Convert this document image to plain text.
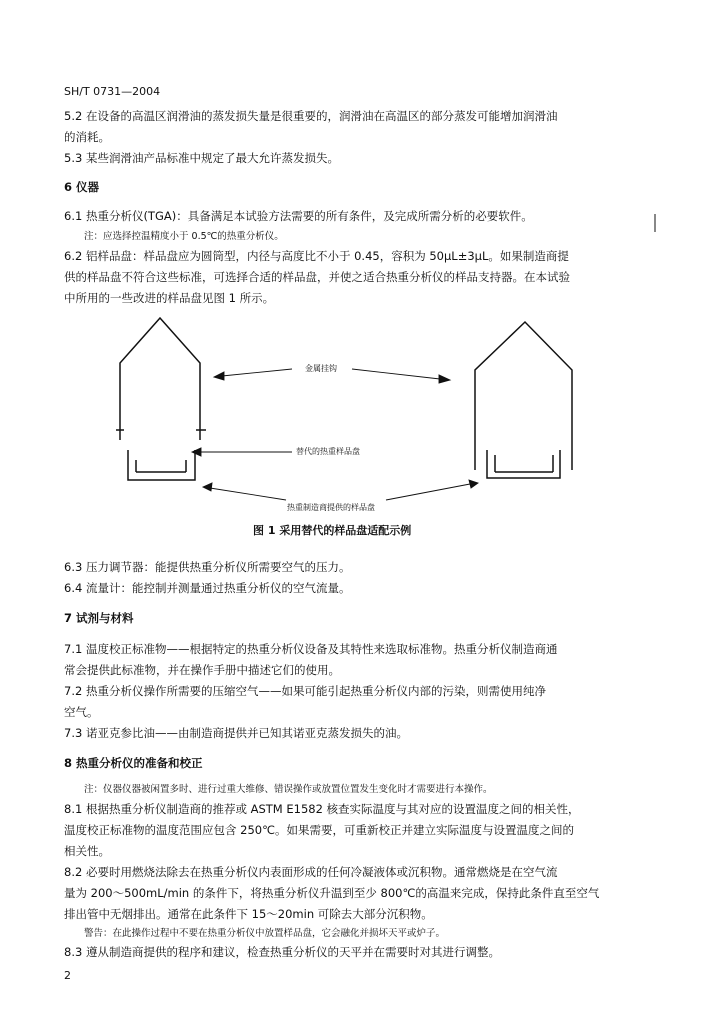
SH/T 0731—2004
5.2 在设备的高温区润滑油的蒸发损失量是很重要的，润滑油在高温区的部分蒸发可能增加润滑油
的消耗。
5.3 某些润滑油产品标准中规定了最大允许蒸发损失。
6 仪器
6.1 热重分析仪(TGA)：具备满足本试验方法需要的所有条件，及完成所需分析的必要软件。
注：应选择控温精度小于 0.5℃的热重分析仪。
6.2 铝样品盘：样品盘应为圆筒型，内径与高度比不小于 0.45，容积为 50μL±3μL。如果制造商提
供的样品盘不符合这些标准，可选择合适的样品盘，并使之适合热重分析仪的样品支持器。在本试验
中所用的一些改进的样品盘见图 1 所示。
金属挂钩
替代的热重样品盘
热重制造商提供的样品盘
图 1 采用替代的样品盘适配示例
6.3 压力调节器：能提供热重分析仪所需要空气的压力。
6.4 流量计：能控制并测量通过热重分析仪的空气流量。
7 试剂与材料
7.1 温度校正标准物——根据特定的热重分析仪设备及其特性来选取标准物。热重分析仪制造商通
常会提供此标准物，并在操作手册中描述它们的使用。
7.2 热重分析仪操作所需要的压缩空气——如果可能引起热重分析仪内部的污染，则需使用纯净
空气。
7.3 诺亚克参比油——由制造商提供并已知其诺亚克蒸发损失的油。
8 热重分析仪的准备和校正
注：仪器仪器被闲置多时、进行过重大维修、错误操作或放置位置发生变化时才需要进行本操作。
8.1 根据热重分析仪制造商的推荐或 ASTM E1582 核查实际温度与其对应的设置温度之间的相关性，
温度校正标准物的温度范围应包含 250℃。如果需要，可重新校正并建立实际温度与设置温度之间的
相关性。
8.2 必要时用燃烧法除去在热重分析仪内表面形成的任何冷凝液体或沉积物。通常燃烧是在空气流
量为 200～500mL/min 的条件下，将热重分析仪升温到至少 800℃的高温来完成，保持此条件直至空气
排出管中无烟排出。通常在此条件下 15～20min 可除去大部分沉积物。
警告：在此操作过程中不要在热重分析仪中放置样品盘，它会融化并损坏天平或炉子。
8.3 遵从制造商提供的程序和建议，检查热重分析仪的天平并在需要时对其进行调整。
2
